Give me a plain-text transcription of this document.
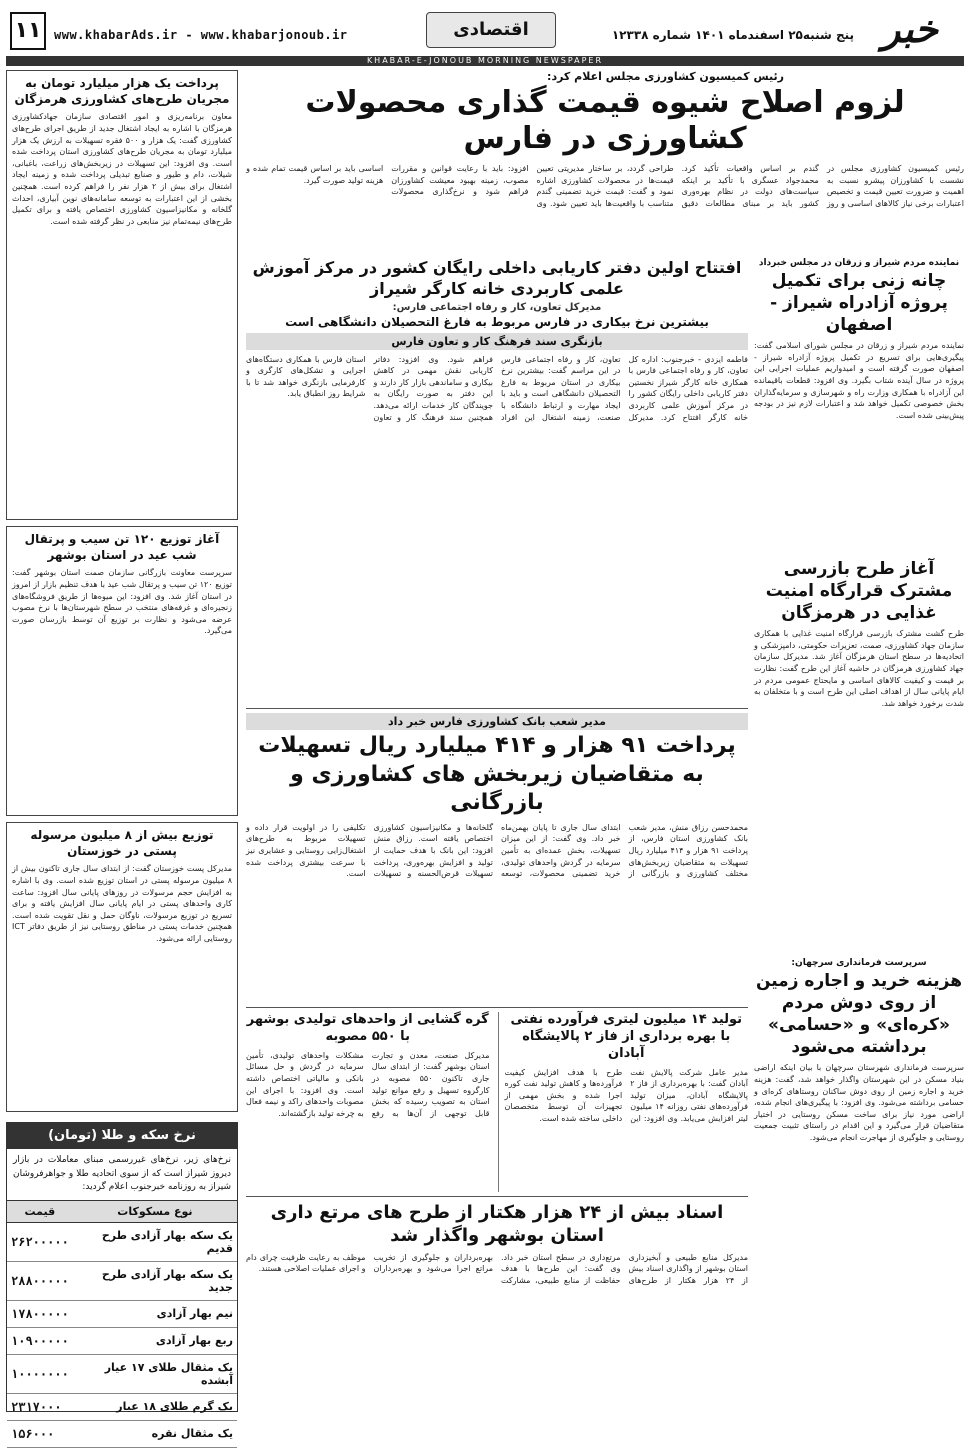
۱۱	www.khabarAds.ir - www.khabarjonoub.ir	اقتصادی	پنج شنبه۲۵ اسفندماه ۱۴۰۱ شماره ۱۲۳۳۸ خبر
KHABAR-E-JONOUB MORNING NEWSPAPER
پرداخت یک هزار میلیارد تومان به مجریان طرح‌های کشاورزی هرمزگان
معاون برنامه‌ریزی و امور اقتصادی سازمان جهادکشاورزی هرمزگان با اشاره به ایجاد اشتغال جدید از طریق اجرای طرح‌های کشاورزی گفت: یک هزار و ۵۰۰ فقره تسهیلات به ارزش یک هزار میلیارد تومان به مجریان طرح‌های کشاورزی استان پرداخت شده است. وی افزود: این تسهیلات در زیربخش‌های زراعت، باغبانی، شیلات، دام و طیور و صنایع تبدیلی پرداخت شده و زمینه ایجاد اشتغال برای بیش از ۲ هزار نفر را فراهم کرده است. همچنین بخشی از این اعتبارات به توسعه سامانه‌های نوین آبیاری، احداث گلخانه و مکانیزاسیون کشاورزی اختصاص یافته و برای تکمیل طرح‌های نیمه‌تمام نیز منابعی در نظر گرفته شده است.
آغاز توزیع ۱۲۰ تن سیب و پرتقال شب عید در استان بوشهر
سرپرست معاونت بازرگانی سازمان صمت استان بوشهر گفت: توزیع ۱۲۰ تن سیب و پرتقال شب عید با هدف تنظیم بازار از امروز در استان آغاز شد. وی افزود: این میوه‌ها از طریق فروشگاه‌های زنجیره‌ای و غرفه‌های منتخب در سطح شهرستان‌ها با نرخ مصوب عرضه می‌شود و نظارت بر توزیع آن توسط بازرسان صورت می‌گیرد.
توزیع بیش از ۸ میلیون مرسوله پستی در خوزستان
مدیرکل پست خوزستان گفت: از ابتدای سال جاری تاکنون بیش از ۸ میلیون مرسوله پستی در استان توزیع شده است. وی با اشاره به افزایش حجم مرسولات در روزهای پایانی سال افزود: ساعت کاری واحدهای پستی در ایام پایانی سال افزایش یافته و برای تسریع در توزیع مرسولات، ناوگان حمل و نقل تقویت شده است. همچنین خدمات پستی در مناطق روستایی نیز از طریق دفاتر ICT روستایی ارائه می‌شود.
نرخ سکه و طلا (تومان)
نرخ‌های زیر، نرخ‌های غیررسمی مبنای معاملات در بازار دیروز شیراز است که از سوی اتحادیه طلا و جواهرفروشان شیراز به روزنامه خبرجنوب اعلام گردید:
نوع مسکوکات	قیمت
یک سکه بهار آزادی طرح قدیم	۲۶۲۰۰۰۰۰
یک سکه بهار آزادی طرح جدید	۲۸۸۰۰۰۰۰
نیم بهار آزادی	۱۷۸۰۰۰۰۰
ربع بهار آزادی	۱۰۹۰۰۰۰۰
یک مثقال طلای ۱۷ عیار آبشده	۱۰۰۰۰۰۰۰
یک گرم طلای ۱۸ عیار	۲۳۱۷۰۰۰
یک مثقال نقره	۱۵۶۰۰۰
نماینده مردم شیراز و زرقان در مجلس خبرداد
چانه زنی برای تکمیل پروژه آزادراه شیراز - اصفهان
نماینده مردم شیراز و زرقان در مجلس شورای اسلامی گفت: پیگیری‌هایی برای تسریع در تکمیل پروژه آزادراه شیراز - اصفهان صورت گرفته است و امیدواریم عملیات اجرایی این پروژه در سال آینده شتاب بگیرد. وی افزود: قطعات باقیمانده این آزادراه با همکاری وزارت راه و شهرسازی و سرمایه‌گذاران بخش خصوصی تکمیل خواهد شد و اعتبارات لازم نیز در بودجه پیش‌بینی شده است.
آغاز طرح بازرسی مشترک قرارگاه امنیت غذایی در هرمزگان
طرح گشت مشترک بازرسی قرارگاه امنیت غذایی با همکاری سازمان جهاد کشاورزی، صمت، تعزیرات حکومتی، دامپزشکی و اتحادیه‌ها در سطح استان هرمزگان آغاز شد. مدیرکل سازمان جهاد کشاورزی هرمزگان در حاشیه آغاز این طرح گفت: نظارت بر قیمت و کیفیت کالاهای اساسی و مایحتاج عمومی مردم در ایام پایانی سال از اهداف اصلی این طرح است و با متخلفان به شدت برخورد خواهد شد.
سرپرست فرمانداری سرچهان:
هزینه خرید و اجاره زمین از روی دوش مردم «کره‌ای» و «حسامی» برداشته می‌شود
سرپرست فرمانداری شهرستان سرچهان با بیان اینکه اراضی بنیاد مسکن در این شهرستان واگذار خواهد شد، گفت: هزینه خرید و اجاره زمین از روی دوش ساکنان روستاهای کره‌ای و حسامی برداشته می‌شود. وی افزود: با پیگیری‌های انجام شده، اراضی مورد نیاز برای ساخت مسکن روستایی در اختیار متقاضیان قرار می‌گیرد و این اقدام در راستای تثبیت جمعیت روستایی و جلوگیری از مهاجرت انجام می‌شود.
رئیس کمیسیون کشاورزی مجلس اعلام کرد:
لزوم اصلاح شیوه قیمت گذاری محصولات کشاورزی در فارس
رئیس کمیسیون کشاورزی مجلس در نشست با کشاورزان پیشرو نسبت به اهمیت و ضرورت تعیین قیمت و تخصیص اعتبارات برخی نیاز کالاهای اساسی و روز گندم بر اساس واقعیات تأکید کرد. محمدجواد عسگری با تأکید بر اینکه سیاست‌های دولت در نظام بهره‌وری کشور باید بر مبنای مطالعات دقیق طراحی گردد، بر ساختار مدیریتی تعیین قیمت‌ها در محصولات کشاورزی اشاره نمود و گفت: قیمت خرید تضمینی گندم متناسب با واقعیت‌ها باید تعیین شود. وی افزود: باید با رعایت قوانین و مقررات مصوب، زمینه بهبود معیشت کشاورزان فراهم شود و نرخ‌گذاری محصولات اساسی باید بر اساس قیمت تمام شده و هزینه تولید صورت گیرد.
افتتاح اولین دفتر کاریابی داخلی رایگان کشور در مرکز آموزش علمی کاربردی خانه کارگر شیراز
مدیرکل تعاون، کار و رفاه اجتماعی فارس:
بیشترین نرخ بیکاری در فارس مربوط به فارغ التحصیلان دانشگاهی است
بازنگری سند فرهنگ کار و تعاون فارس
فاطمه ایزدی - خبرجنوب: اداره کل تعاون، کار و رفاه اجتماعی فارس با همکاری خانه کارگر شیراز نخستین دفتر کاریابی داخلی رایگان کشور را در مرکز آموزش علمی کاربردی خانه کارگر افتتاح کرد. مدیرکل تعاون، کار و رفاه اجتماعی فارس در این مراسم گفت: بیشترین نرخ بیکاری در استان مربوط به فارغ التحصیلان دانشگاهی است و باید با ایجاد مهارت و ارتباط دانشگاه با صنعت، زمینه اشتغال این افراد فراهم شود. وی افزود: دفاتر کاریابی نقش مهمی در کاهش بیکاری و ساماندهی بازار کار دارند و این دفتر به صورت رایگان به جویندگان کار خدمات ارائه می‌دهد. همچنین سند فرهنگ کار و تعاون استان فارس با همکاری دستگاه‌های اجرایی و تشکل‌های کارگری و کارفرمایی بازنگری خواهد شد تا با شرایط روز انطباق یابد.
مدیر شعب بانک کشاورزی فارس خبر داد
پرداخت ۹۱ هزار و ۴۱۴ میلیارد ریال تسهیلات به متقاضیان زیربخش های کشاورزی و بازرگانی
محمدحسن رزاق منش، مدیر شعب بانک کشاورزی استان فارس، از پرداخت ۹۱ هزار و ۴۱۴ میلیارد ریال تسهیلات به متقاضیان زیربخش‌های مختلف کشاورزی و بازرگانی از ابتدای سال جاری تا پایان بهمن‌ماه خبر داد. وی گفت: از این میزان تسهیلات، بخش عمده‌ای به تأمین سرمایه در گردش واحدهای تولیدی، خرید تضمینی محصولات، توسعه گلخانه‌ها و مکانیزاسیون کشاورزی اختصاص یافته است. رزاق منش افزود: این بانک با هدف حمایت از تولید و افزایش بهره‌وری، پرداخت تسهیلات قرض‌الحسنه و تسهیلات تکلیفی را در اولویت قرار داده و تسهیلات مربوط به طرح‌های اشتغال‌زایی روستایی و عشایری نیز با سرعت بیشتری پرداخت شده است.
تولید ۱۴ میلیون لیتری فرآورده نفتی با بهره برداری از فاز ۲ پالایشگاه آبادان
مدیر عامل شرکت پالایش نفت آبادان گفت: با بهره‌برداری از فاز ۲ پالایشگاه آبادان، میزان تولید فرآورده‌های نفتی روزانه ۱۴ میلیون لیتر افزایش می‌یابد. وی افزود: این طرح با هدف افزایش کیفیت فرآورده‌ها و کاهش تولید نفت کوره اجرا شده و بخش مهمی از تجهیزات آن توسط متخصصان داخلی ساخته شده است.
گره گشایی از واحدهای تولیدی بوشهر با ۵۵۰ مصوبه
مدیرکل صنعت، معدن و تجارت استان بوشهر گفت: از ابتدای سال جاری تاکنون ۵۵۰ مصوبه در کارگروه تسهیل و رفع موانع تولید استان به تصویب رسیده که بخش قابل توجهی از آن‌ها به رفع مشکلات واحدهای تولیدی، تأمین سرمایه در گردش و حل مسائل بانکی و مالیاتی اختصاص داشته است. وی افزود: با اجرای این مصوبات واحدهای راکد و نیمه فعال به چرخه تولید بازگشته‌اند.
اسناد بیش از ۲۴ هزار هکتار از طرح های مرتع داری استان بوشهر واگذار شد
مدیرکل منابع طبیعی و آبخیزداری استان بوشهر از واگذاری اسناد بیش از ۲۴ هزار هکتار از طرح‌های مرتع‌داری در سطح استان خبر داد. وی گفت: این طرح‌ها با هدف حفاظت از منابع طبیعی، مشارکت بهره‌برداران و جلوگیری از تخریب مراتع اجرا می‌شود و بهره‌برداران موظف به رعایت ظرفیت چرای دام و اجرای عملیات اصلاحی هستند.
